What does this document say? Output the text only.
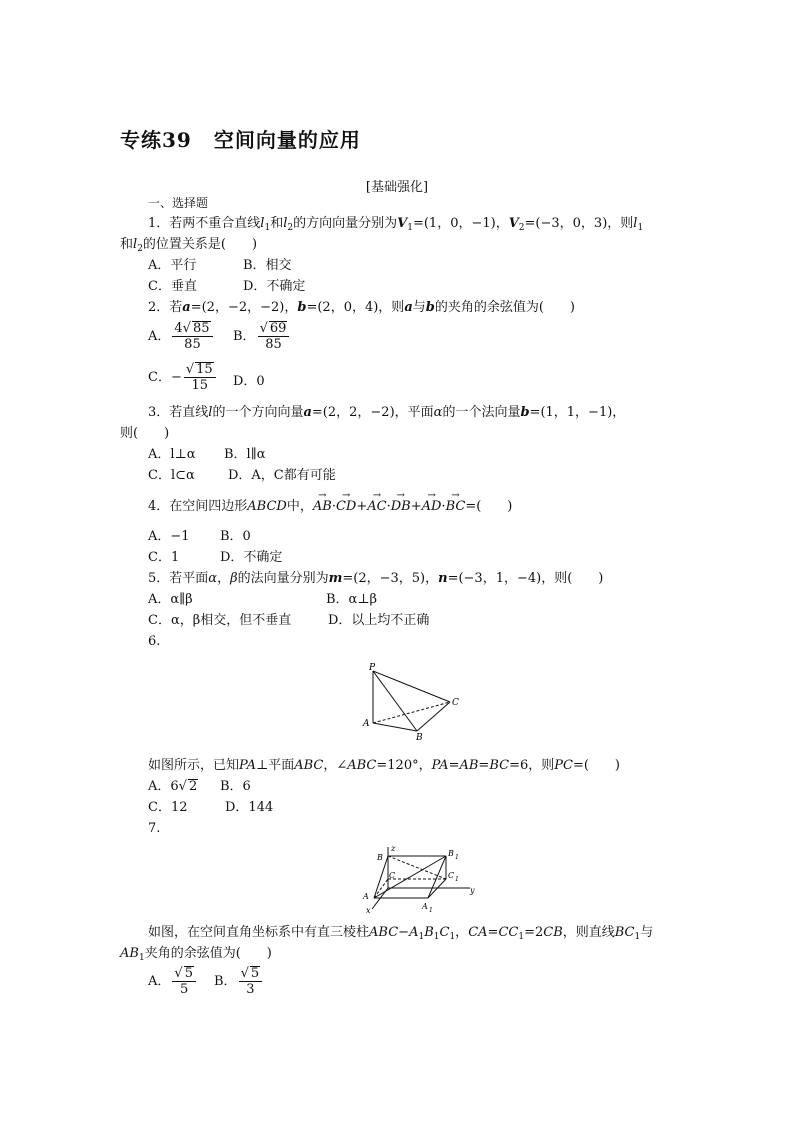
专练39 空间向量的应用
[基础强化]
一、选择题
1．若两不重合直线$l_1$和$l_2$的方向向量分别为$V_1=(1$，0，−1)，$V_2=(-3$，0，3)，则$l_1$
和$l_2$的位置关系是(　　)
A．平行	B．相交
C．垂直	D．不确定
2．若a=(2，−2，−2)，b=(2，0，4)，则a与b的夹角的余弦值为(　　)
A． $\frac{4√ 85}{85}$ B． $\frac{√ 69}{85}$
C．− $\frac{√ 15}{15}$ D．0
3．若直线l的一个方向向量a=(2，2，−2)，平面α的一个法向量b=(1，1，−1)，
则(　　)
A．l⊥α B．l∥α
C．l⊂α	D．A，C都有可能
4．在空间四边形ABCD中，→ AB·→ CD+→ AC·→ DB+→ AD·→ BC=(　　)
A．−1 B．0
C．1	D．不确定
5．若平面α，β的法向量分别为m=(2，−3，5)，n=(−3，1，−4)，则(　　)
A．α∥β	B．α⊥β
C．α，β相交，但不垂直	D．以上均不正确
6.
P
A
B
C
如图所示，已知PA⊥平面ABC，∠ABC=120°，PA=AB=BC=6，则PC=(　　)
A．6√ 2 B．6
C．12	D．144
7.
z
y
x
B
C
A
B 1
C 1
A 1
如图，在空间直角坐标系中有直三棱柱$ABC-A_1B_1C_1$，$CA=CC_1=2CB$，则直线$BC_1$与
$AB_1$夹角的余弦值为(　　)
A． $\frac{√ 5}{5}$ B． $\frac{√ 5}{3}$
